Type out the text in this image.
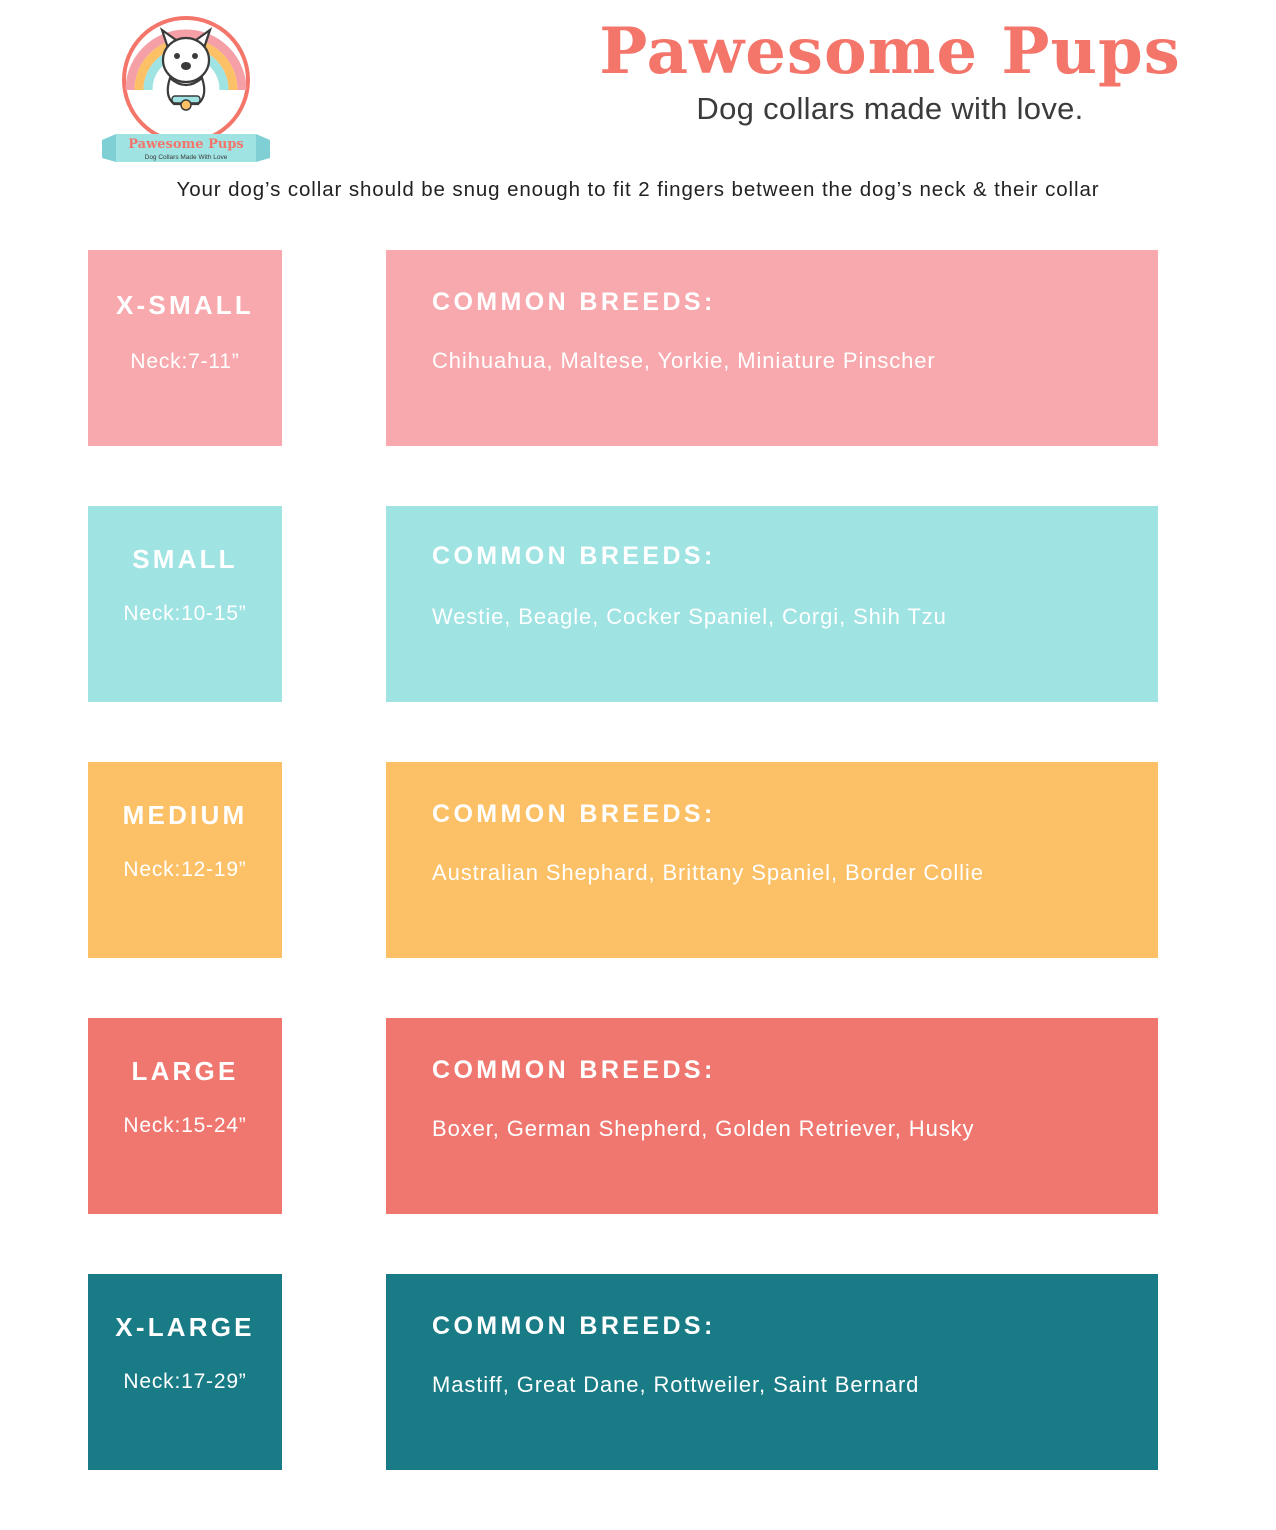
Pawesome Pups
Dog Collars Made With Love
Pawesome Pups
Dog collars made with love.
Your dog’s collar should be snug enough to fit 2 fingers between the dog’s neck & their collar
X-SMALL
Neck:7-11”
COMMON BREEDS:
Chihuahua, Maltese, Yorkie, Miniature Pinscher
SMALL
Neck:10-15”
COMMON BREEDS:
Westie, Beagle, Cocker Spaniel, Corgi, Shih Tzu
MEDIUM
Neck:12-19”
COMMON BREEDS:
Australian Shephard, Brittany Spaniel, Border Collie
LARGE
Neck:15-24”
COMMON BREEDS:
Boxer, German Shepherd, Golden Retriever, Husky
X-LARGE
Neck:17-29”
COMMON BREEDS:
Mastiff, Great Dane, Rottweiler, Saint Bernard
